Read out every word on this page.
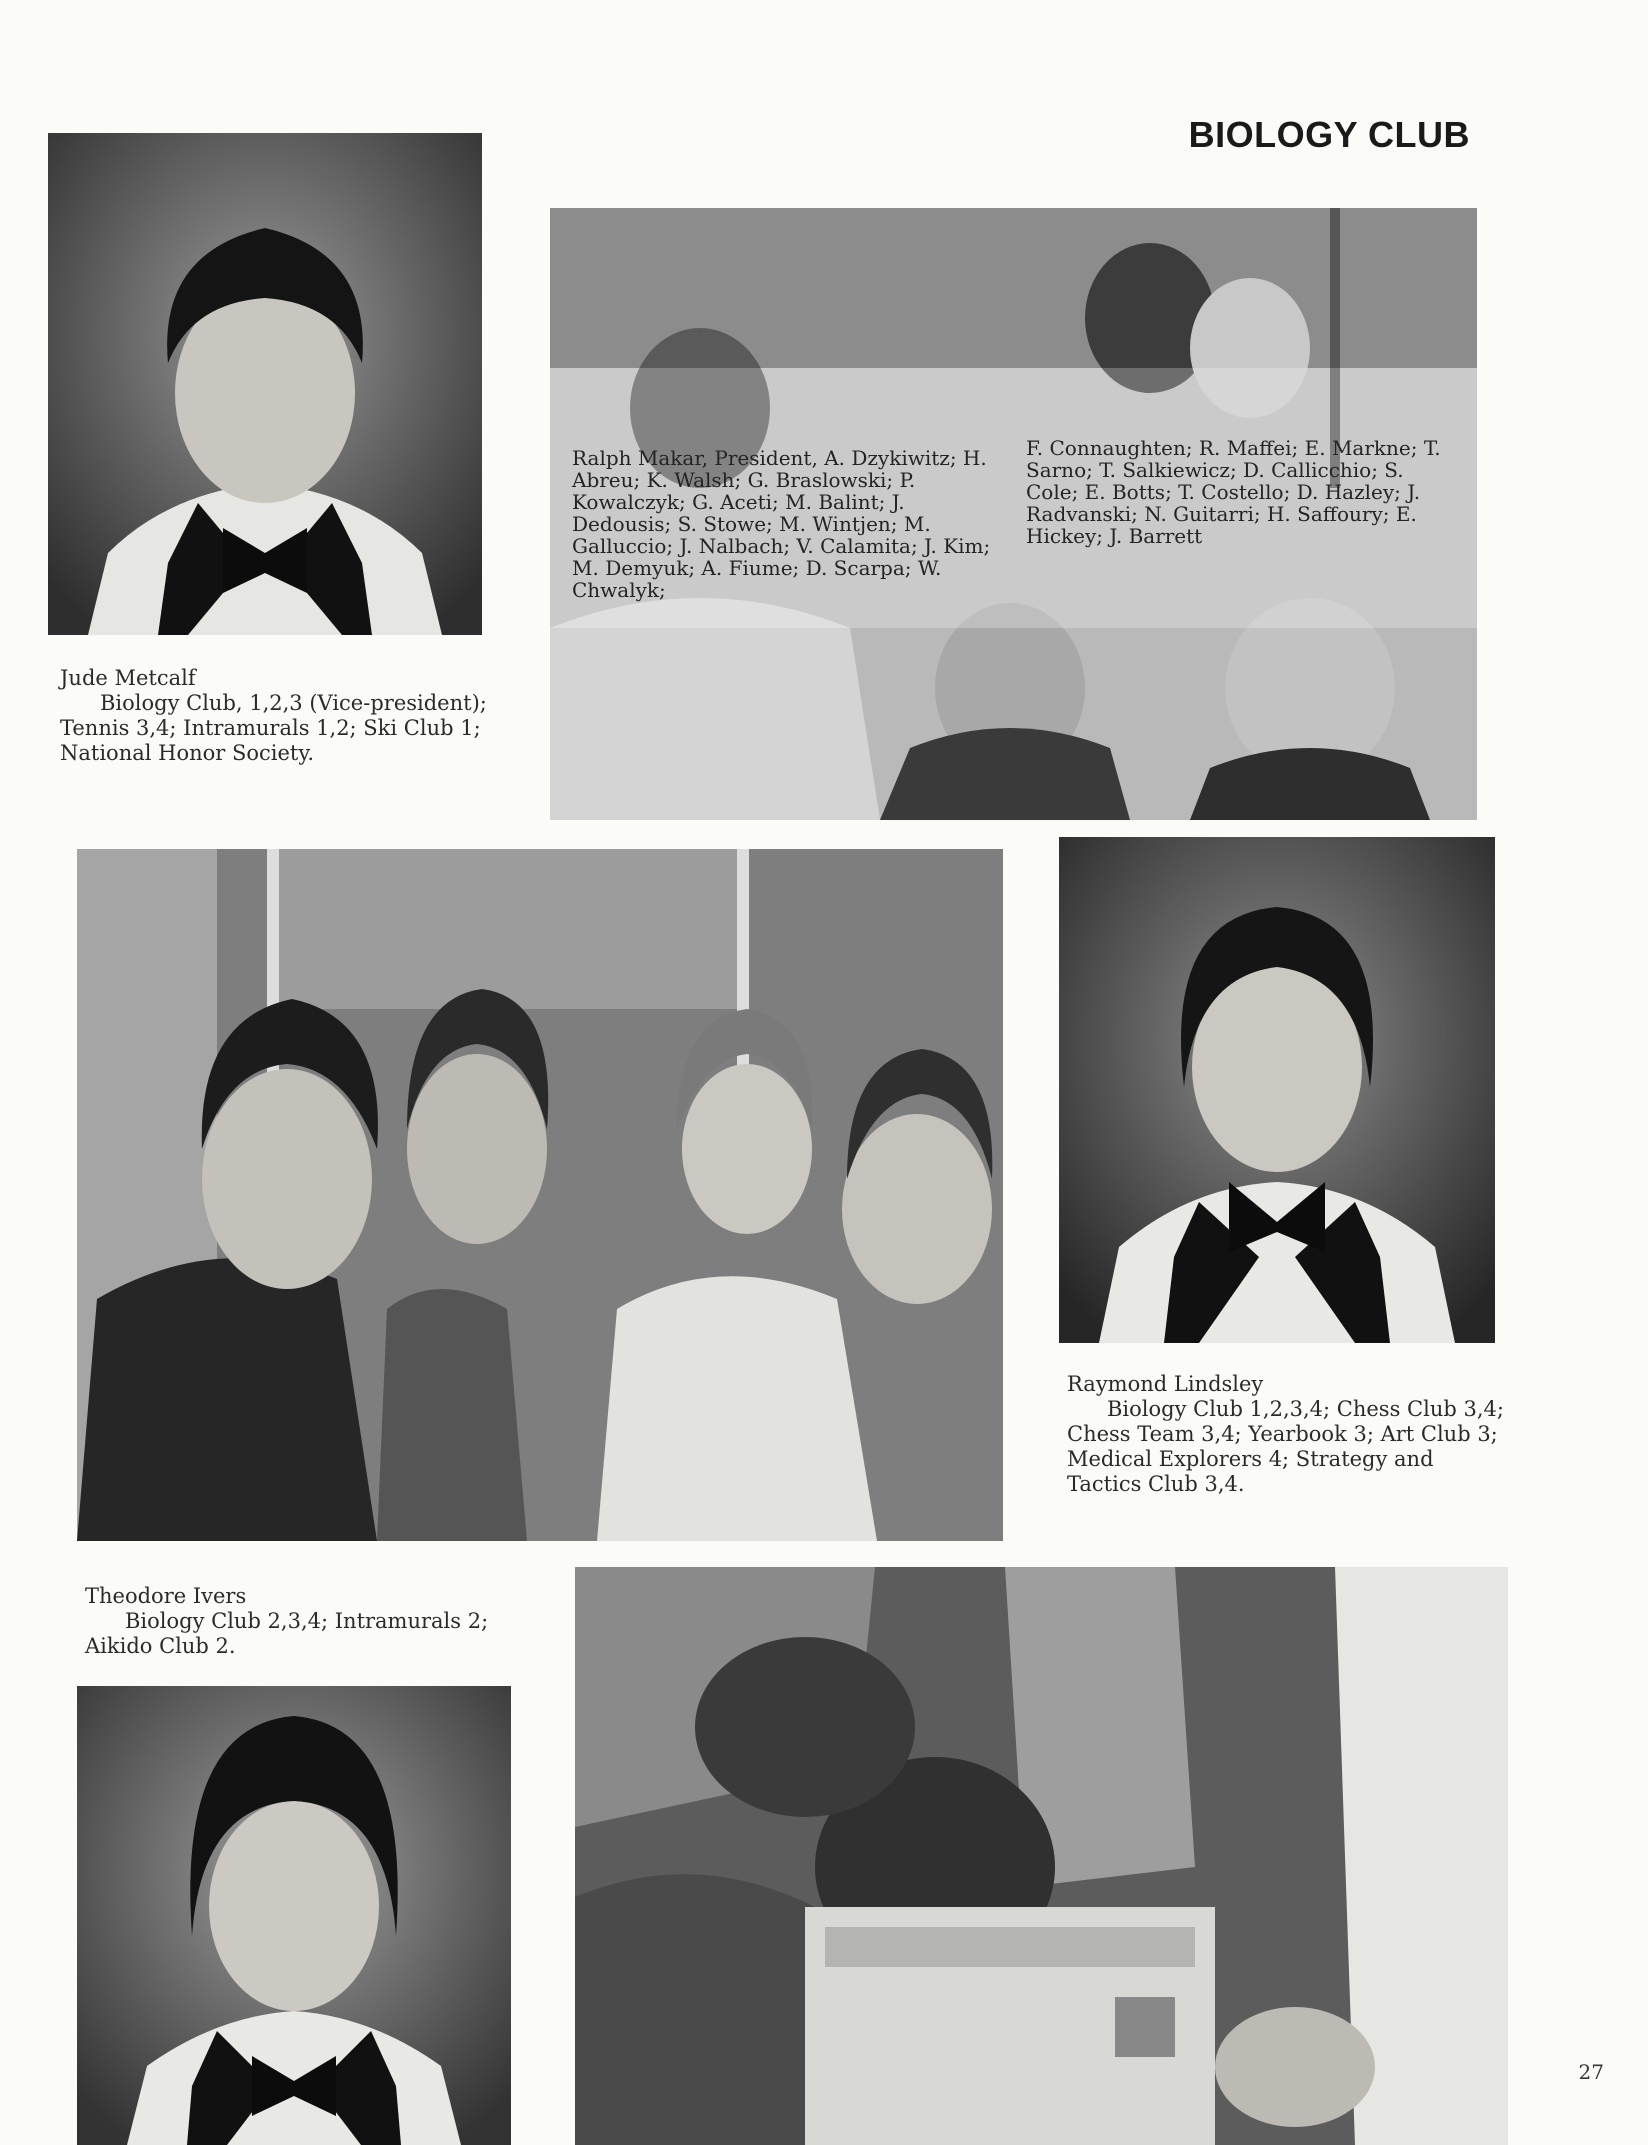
BIOLOGY CLUB
Jude Metcalf
Biology Club, 1,2,3 (Vice-president); Tennis 3,4; Intramurals 1,2; Ski Club 1; National Honor Society.
Ralph Makar, President, A. Dzykiwitz; H. Abreu; K. Walsh; G. Braslowski; P. Kowalczyk; G. Aceti; M. Balint; J. Dedousis; S. Stowe; M. Wintjen; M. Galluccio; J. Nalbach; V. Calamita; J. Kim; M. Demyuk; A. Fiume; D. Scarpa; W. Chwalyk;
F. Connaughten; R. Maffei; E. Markne; T. Sarno; T. Salkiewicz; D. Callicchio; S. Cole; E. Botts; T. Costello; D. Hazley; J. Radvanski; N. Guitarri; H. Saffoury; E. Hickey; J. Barrett
Raymond Lindsley
Biology Club 1,2,3,4; Chess Club 3,4; Chess Team 3,4; Yearbook 3; Art Club 3; Medical Explorers 4; Strategy and Tactics Club 3,4.
Theodore Ivers
Biology Club 2,3,4; Intramurals 2; Aikido Club 2.
27
